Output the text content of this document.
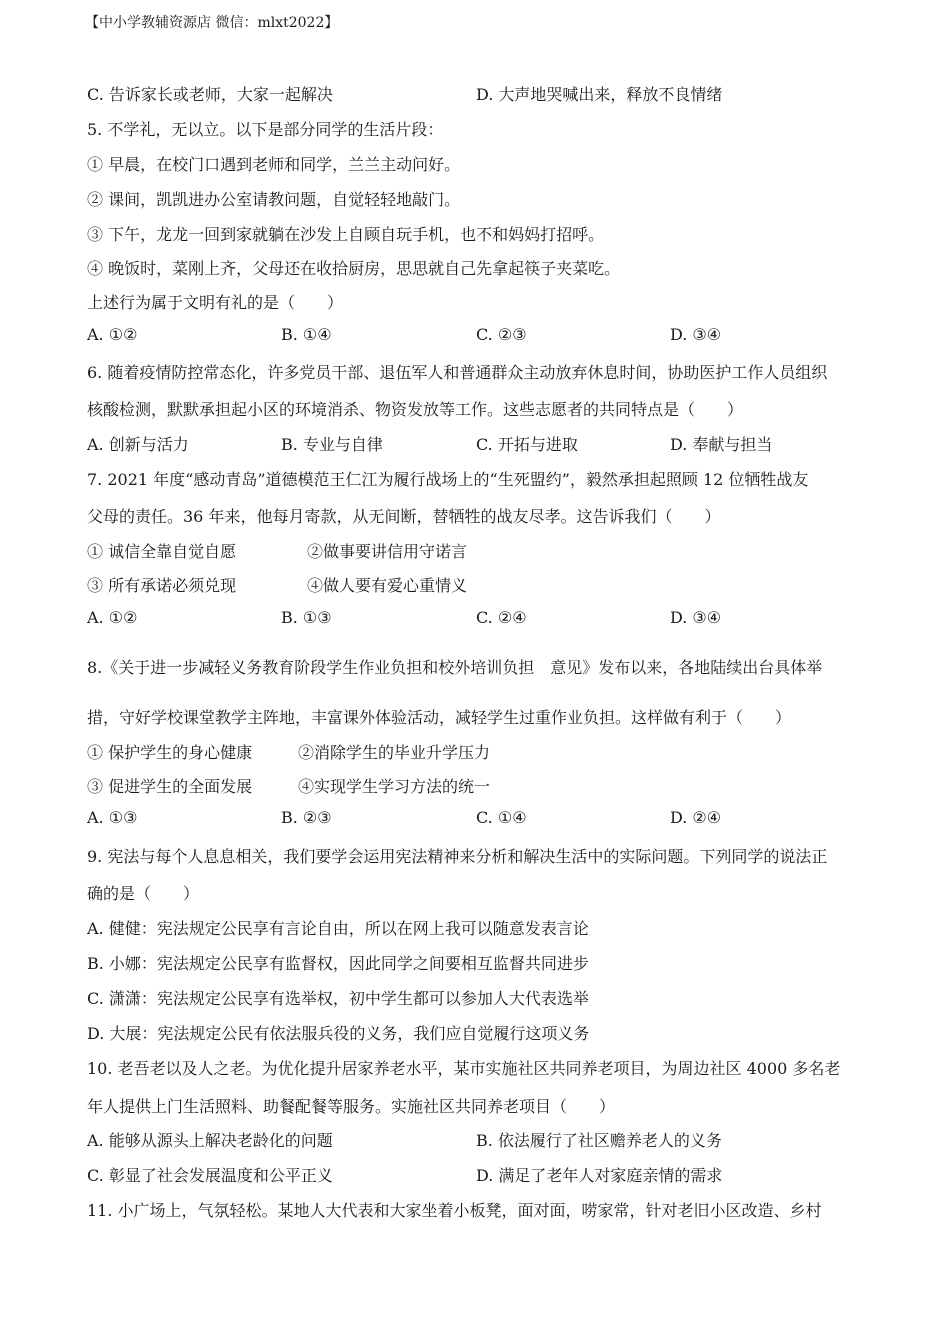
【中小学教辅资源店 微信：mlxt2022】
C. 告诉家长或老师，大家一起解决	D. 大声地哭喊出来，释放不良情绪
5. 不学礼，无以立。以下是部分同学的生活片段：
① 早晨，在校门口遇到老师和同学，兰兰主动问好。
② 课间，凯凯进办公室请教问题，自觉轻轻地敲门。
③ 下午，龙龙一回到家就躺在沙发上自顾自玩手机，也不和妈妈打招呼。
④ 晚饭时，菜刚上齐，父母还在收拾厨房，思思就自己先拿起筷子夹菜吃。
上述行为属于文明有礼的是（　　）
A. ①②	B. ①④	C. ②③	D. ③④
6. 随着疫情防控常态化，许多党员干部、退伍军人和普通群众主动放弃休息时间，协助医护工作人员组织
核酸检测，默默承担起小区的环境消杀、物资发放等工作。这些志愿者的共同特点是（　　）
A. 创新与活力	B. 专业与自律	C. 开拓与进取	D. 奉献与担当
7. 2021 年度“感动青岛”道德模范王仁江为履行战场上的“生死盟约”，毅然承担起照顾 12 位牺牲战友
父母的责任。36 年来，他每月寄款，从无间断，替牺牲的战友尽孝。这告诉我们（　　）
① 诚信全靠自觉自愿	②做事要讲信用守诺言
③ 所有承诺必须兑现	④做人要有爱心重情义
A. ①②	B. ①③	C. ②④	D. ③④
8.《关于进一步减轻义务教育阶段学生作业负担和校外培训负担　意见》发布以来，各地陆续出台具体举
措，守好学校课堂教学主阵地，丰富课外体验活动，减轻学生过重作业负担。这样做有利于（　　）
① 保护学生的身心健康	②消除学生的毕业升学压力
③ 促进学生的全面发展	④实现学生学习方法的统一
A. ①③	B. ②③	C. ①④	D. ②④
9. 宪法与每个人息息相关，我们要学会运用宪法精神来分析和解决生活中的实际问题。下列同学的说法正
确的是（　　）
A. 健健：宪法规定公民享有言论自由，所以在网上我可以随意发表言论
B. 小娜：宪法规定公民享有监督权，因此同学之间要相互监督共同进步
C. 潇潇：宪法规定公民享有选举权，初中学生都可以参加人大代表选举
D. 大展：宪法规定公民有依法服兵役的义务，我们应自觉履行这项义务
10. 老吾老以及人之老。为优化提升居家养老水平，某市实施社区共同养老项目，为周边社区 4000 多名老
年人提供上门生活照料、助餐配餐等服务。实施社区共同养老项目（　　）
A. 能够从源头上解决老龄化的问题	B. 依法履行了社区赡养老人的义务
C. 彰显了社会发展温度和公平正义	D. 满足了老年人对家庭亲情的需求
11. 小广场上，气氛轻松。某地人大代表和大家坐着小板凳，面对面，唠家常，针对老旧小区改造、乡村
